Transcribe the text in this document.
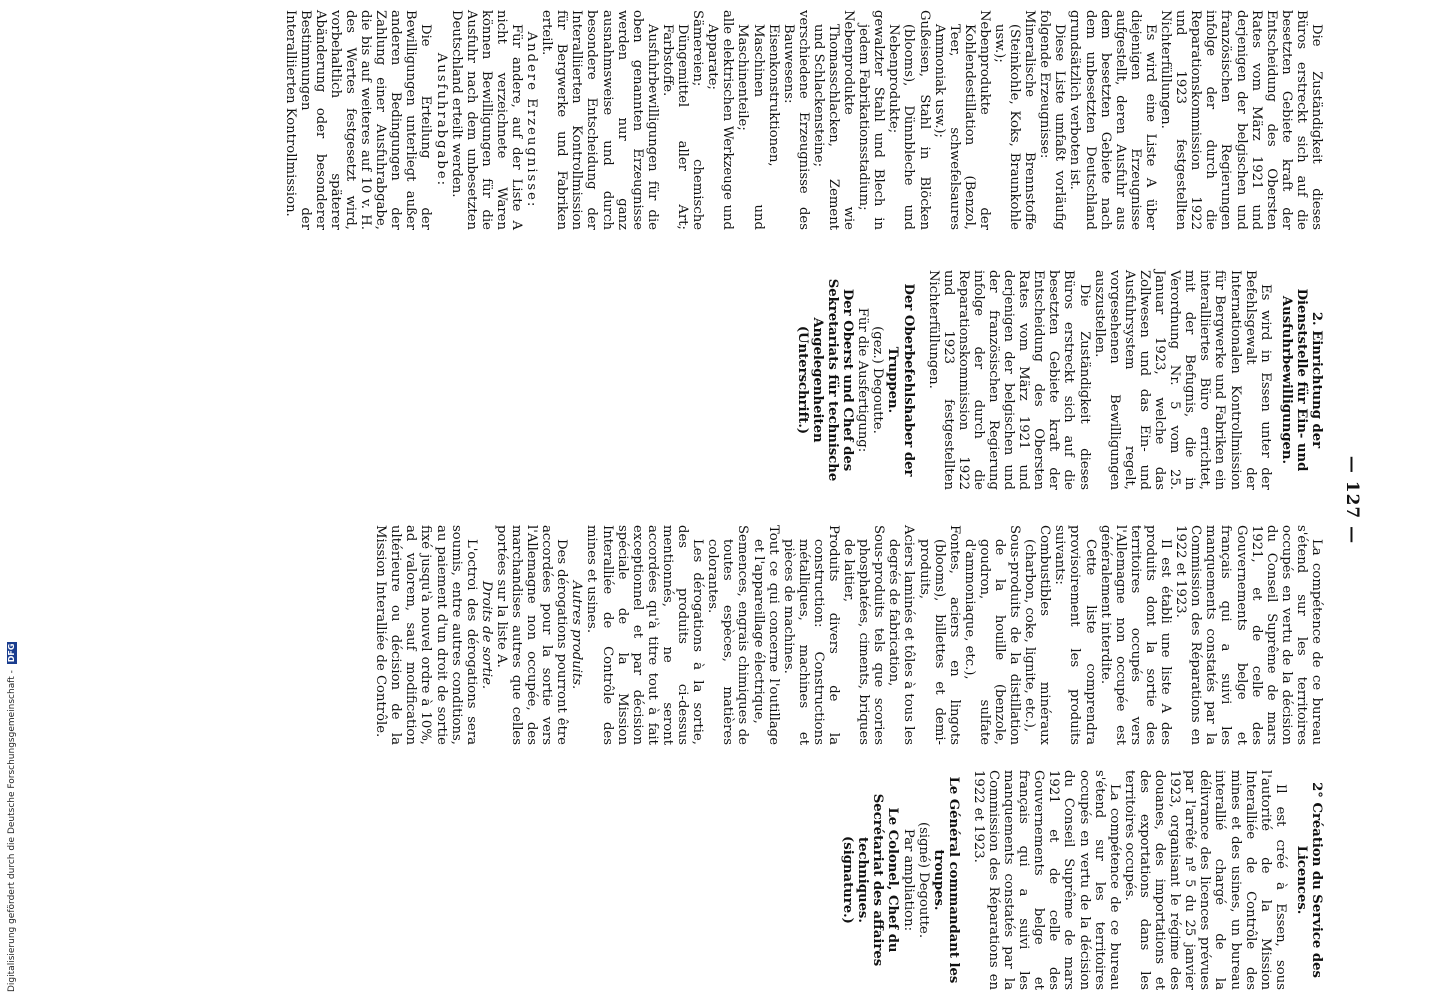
— 127 —

Die Zuständigkeit dieses Büros erstreckt sich auf die besetzten Gebiete kraft der Entscheidung des Obersten Rates vom März 1921 und derjenigen der belgischen und französischen Regierungen infolge der durch die Reparationskommission 1922 und 1923 festgestellten Nichterfüllungen.

Es wird eine Liste A über diejenigen Erzeugnisse aufgestellt, deren Ausfuhr aus dem besetzten Gebiete nach dem unbesetzten Deutschland grundsätzlich verboten ist.

Diese Liste umfaßt vorläufig folgende Erzeugnisse:

Mineralische Brennstoffe (Steinkohle, Koks, Braunkohle usw.);

Nebenprodukte der Kohlendestillation (Benzol, Teer, schwefelsaures Ammoniak usw.);

Gußeisen, Stahl in Blöcken (blooms), Dünnbleche und Nebenprodukte;

gewalzter Stahl und Blech in jedem Fabrikationsstadium;

Nebenprodukte wie Thomasschlacken, Zement und Schlackensteine;

verschiedene Erzeugnisse des Bauwesens: Eisenkonstruktionen, Maschinen und Maschinenteile;

alle elektrischen Werkzeuge und Apparate;

Sämereien; chemische Düngemittel aller Art; Farbstoffe.

Ausfuhrbewilligungen für die oben genannten Erzeugnisse werden nur ganz ausnahmsweise und durch besondere Entscheidung der Interalliierten Kontrollmission für Bergwerke und Fabriken erteilt.

Andere Erzeugnisse:

Für andere, auf der Liste A nicht verzeichnete Waren können Bewilligungen für die Ausfuhr nach dem unbesetzten Deutschland erteilt werden.

Ausfuhrabgabe:

Die Erteilung der Bewilligungen unterliegt außer anderen Bedingungen der Zahlung einer Ausfuhrabgabe, die bis auf weiteres auf 10 v. H. des Wertes festgesetzt wird, vorbehaltlich späterer Abänderung oder besonderer Bestimmungen der Interalliierten Kontrollmission.

2. Einrichtung der Dienststelle für Ein- und Ausfuhrbewilligungen.

Es wird in Essen unter der Befehlsgewalt der Internationalen Kontrollmission für Bergwerke und Fabriken ein interalliiertes Büro errichtet, mit der Befugnis, die in Verordnung Nr. 5 vom 25. Januar 1923, welche das Zollwesen und das Ein- und Ausfuhrsystem regelt, vorgesehenen Bewilligungen auszustellen.

Die Zuständigkeit dieses Büros erstreckt sich auf die besetzten Gebiete kraft der Entscheidung des Obersten Rates vom März 1921 und derjenigen der belgischen und der französischen Regierung infolge der durch die Reparationskommission 1922 und 1923 festgestellten Nichterfüllungen.

Der Oberbefehlshaber der Truppen.

(gez.) Degoutte.

Für die Ausfertigung:

Der Oberst und Chef des Sekretariats für technische Angelegenheiten

(Unterschrift.)

La compétence de ce bureau s'étend sur les territoires occupés en vertu de la décision du Conseil Suprême de mars 1921, et de celle des Gouvernements belge et français qui a suivi les manquements constatés par la Commission des Réparations en 1922 et 1923.

Il est établi une liste A des produits dont la sortie des territoires occupés vers l'Allemagne non occupée est généralement interdite.

Cette liste comprendra provisoirement les produits suivants:

Combustibles minéraux (charbon, coke, lignite, etc.),

Sous-produits de la distillation de la houille (benzole, goudron, sulfate d'ammoniaque, etc.),

Fontes, aciers en lingots (blooms), billettes et demi-produits,

Aciers laminés et tôles à tous les degrés de fabrication,

Sous-produits tels que scories phosphatées, ciments, briques de laitier,

Produits divers de la construction: Constructions métalliques, machines et pièces de machines.

Tout ce qui concerne l'outillage et l'appareillage électrique,

Semences, engrais chimiques de toutes espèces, matières colorantes.

Les dérogations à la sortie, des produits ci-dessus mentionnés, ne seront accordées qu'à titre tout à fait exceptionnel et par décision spéciale de la Mission Interalliée de Contrôle des mines et usines.

Autres produits.

Des dérogations pourront être accordées pour la sortie vers l'Allemagne non occupée, des marchandises autres que celles portées sur la liste A.

Droits de sortie.

L'octroi des dérogations sera soumis, entre autres conditions, au paiement d'un droit de sortie fixé jusqu'à nouvel ordre à 10%, ad valorem, sauf modification ultérieure ou décision de la Mission Interalliée de Contrôle.

2° Création du Service des Licences.

Il est créé à Essen, sous l'autorité de la Mission Interalliée de Contrôle des mines et des usines, un bureau interallié chargé de la délivrance des licences prévues par l'arrêté nº 5 du 25 janvier 1923, organisant le régime des douanes, des importations et des exportations dans les territoires occupés.

La compétence de ce bureau s'étend sur les territoires occupés en vertu de la décision du Conseil Suprême de mars 1921 et de celle des Gouvernements belge et français qui a suivi les manquements constatés par la Commission des Réparations en 1922 et 1923.

Le Général commandant les troupes.

(signé) Degoutte.

Par ampliation:

Le Colonel, Chef du Secrétariat des affaires techniques.

(signature.)

Digitalisierung gefördert durch die Deutsche Forschungsgemeinschaft - DFG
